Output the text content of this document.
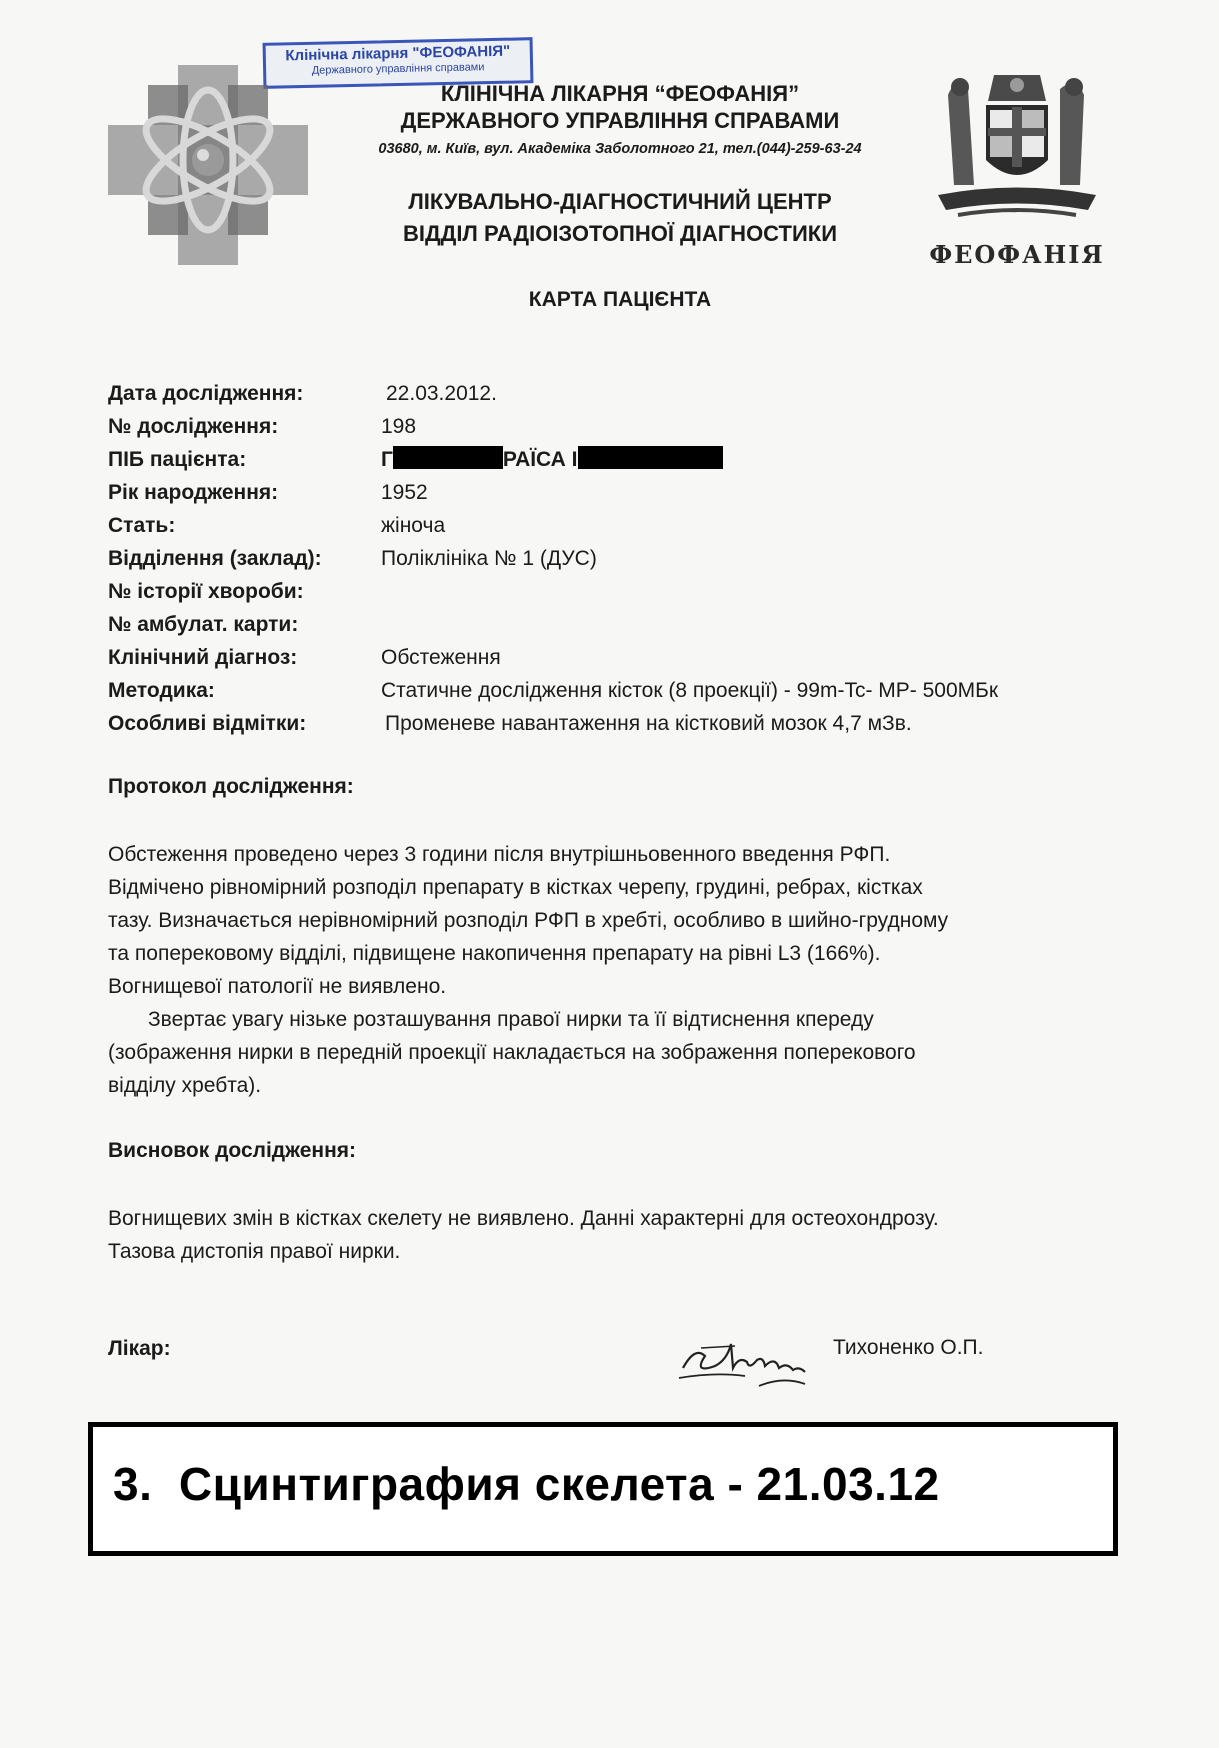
Клінічна лікарня "ФЕОФАНІЯ"
Державного управління справами
ФЕОФАНІЯ
КЛІНІЧНА ЛІКАРНЯ “ФЕОФАНІЯ”
ДЕРЖАВНОГО УПРАВЛІННЯ СПРАВАМИ
03680, м. Київ, вул. Академіка Заболотного 21, тел.(044)-259-63-24
ЛІКУВАЛЬНО-ДІАГНОСТИЧНИЙ ЦЕНТР
ВІДДІЛ РАДІОІЗОТОПНОЇ ДІАГНОСТИКИ
КАРТА ПАЦІЄНТА
Дата дослідження:	22.03.2012.
№ дослідження:	198
ПІБ пацієнта:	Г	РАЇСА І
Рік народження:	1952
Стать:	жіноча
Відділення (заклад):	Поліклініка № 1 (ДУС)
№ історії хвороби:
№ амбулат. карти:
Клінічний діагноз:	Обстеження
Методика:	Статичне дослідження кісток (8 проекції) - 99m-Tc- MP- 500МБк
Особливі відмітки:	Променеве навантаження на кістковий мозок 4,7 мЗв.
Протокол дослідження:

Обстеження проведено через 3 години після внутрішньовенного введення РФП.

Відмічено рівномірний розподіл препарату в кістках черепу, грудині, ребрах, кістках

тазу. Визначається нерівномірний розподіл РФП в хребті, особливо в шийно-грудному

та поперековому відділі, підвищене накопичення препарату на рівні L3 (166%).

Вогнищевої патології не виявлено.

Звертає увагу нізьке розташування правої нирки та її відтиснення кпереду

(зображення нирки в передній проекції накладається на зображення поперекового

відділу хребта).

Висновок дослідження:

Вогнищевих змін в кістках скелету не виявлено. Данні характерні для остеохондрозу.

Тазова дистопія правої нирки.

Лікар:	Тихоненко О.П.
3.  Сцинтиграфия скелета - 21.03.12
